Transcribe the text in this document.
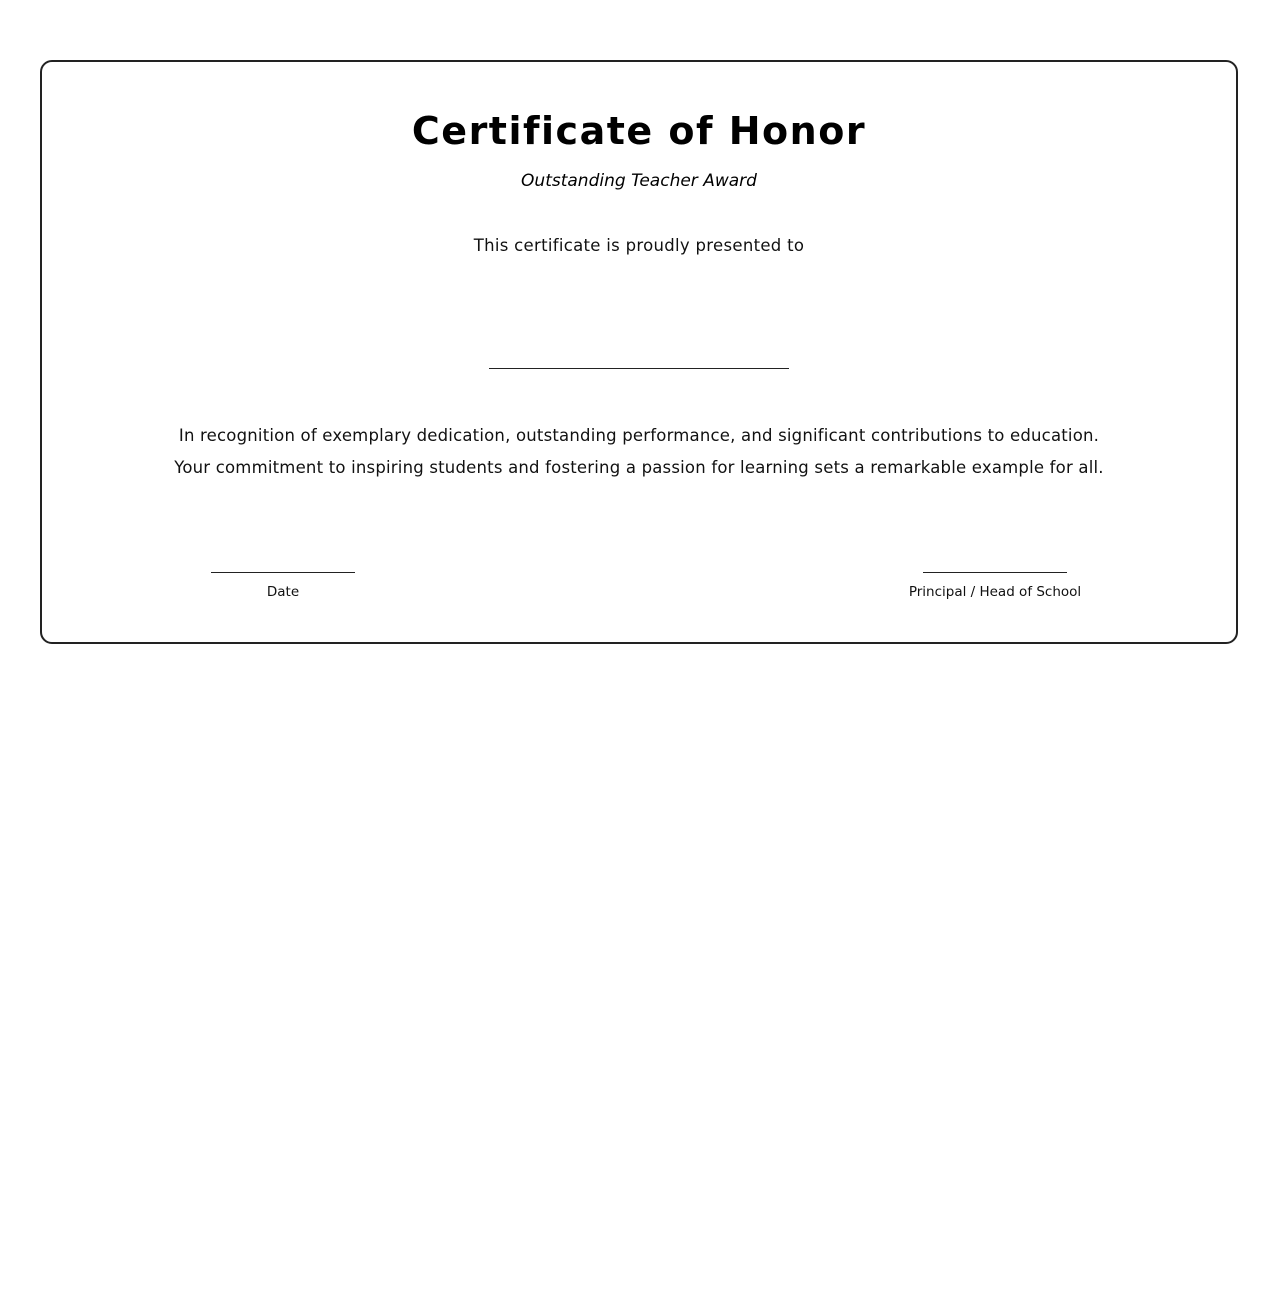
Certificate of Honor
Outstanding Teacher Award
This certificate is proudly presented to

In recognition of exemplary dedication, outstanding performance, and significant contributions to education.

Your commitment to inspiring students and fostering a passion for learning sets a remarkable example for all.

Date	Principal / Head of School
